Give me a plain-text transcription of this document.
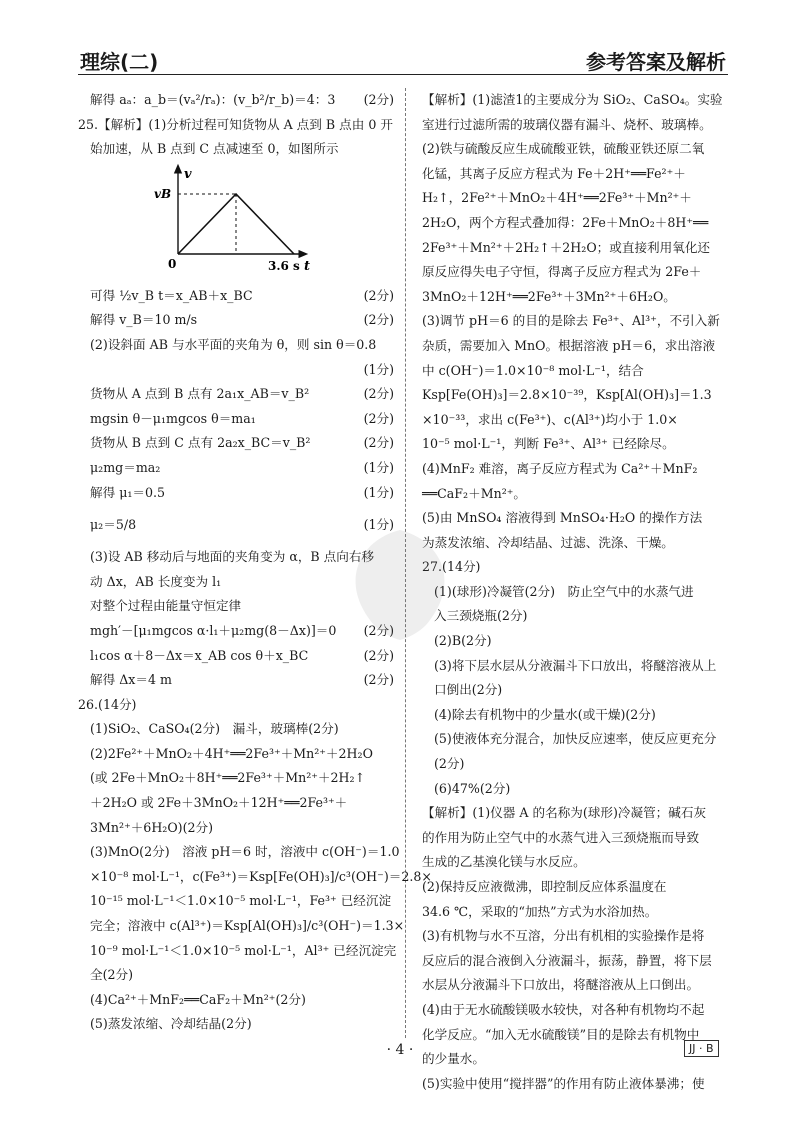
理综(二)	参考答案及解析
解得 aₐ：a_b＝(vₐ²/rₐ)：(v_b²/r_b)＝4：3 (2分)
25.【解析】(1)分析过程可知货物从 A 点到 B 点由 0 开
始加速，从 B 点到 C 点减速至 0，如图所示
v
vB
0	3.6 s t
可得 ½v_B t＝x_AB＋x_BC	(2分)
解得 v_B＝10 m/s	(2分)
(2)设斜面 AB 与水平面的夹角为 θ，则 sin θ＝0.8
(1分)
货物从 A 点到 B 点有 2a₁x_AB＝v_B²	(2分)
mgsin θ－μ₁mgcos θ＝ma₁	(2分)
货物从 B 点到 C 点有 2a₂x_BC＝v_B²	(2分)
μ₂mg＝ma₂	(1分)
解得 μ₁＝0.5	(1分)
μ₂＝5/8	(1分)
(3)设 AB 移动后与地面的夹角变为 α，B 点向右移
动 Δx，AB 长度变为 l₁
对整个过程由能量守恒定律
mgh′－[μ₁mgcos α·l₁＋μ₂mg(8－Δx)]＝0 (2分)
l₁cos α＋8－Δx＝x_AB cos θ＋x_BC	(2分)
解得 Δx＝4 m	(2分)
26.(14分)
(1)SiO₂、CaSO₄(2分)　漏斗，玻璃棒(2分)
(2)2Fe²⁺＋MnO₂＋4H⁺══2Fe³⁺＋Mn²⁺＋2H₂O
(或 2Fe＋MnO₂＋8H⁺══2Fe³⁺＋Mn²⁺＋2H₂↑
＋2H₂O 或 2Fe＋3MnO₂＋12H⁺══2Fe³⁺＋
3Mn²⁺＋6H₂O)(2分)
(3)MnO(2分)　溶液 pH＝6 时，溶液中 c(OH⁻)＝1.0
×10⁻⁸ mol·L⁻¹，c(Fe³⁺)＝Ksp[Fe(OH)₃]/c³(OH⁻)＝2.8×
10⁻¹⁵ mol·L⁻¹＜1.0×10⁻⁵ mol·L⁻¹，Fe³⁺ 已经沉淀
完全；溶液中 c(Al³⁺)＝Ksp[Al(OH)₃]/c³(OH⁻)＝1.3×
10⁻⁹ mol·L⁻¹＜1.0×10⁻⁵ mol·L⁻¹，Al³⁺ 已经沉淀完
全(2分)
(4)Ca²⁺＋MnF₂══CaF₂＋Mn²⁺(2分)
(5)蒸发浓缩、冷却结晶(2分)
【解析】(1)滤渣1的主要成分为 SiO₂、CaSO₄。实验
室进行过滤所需的玻璃仪器有漏斗、烧杯、玻璃棒。
(2)铁与硫酸反应生成硫酸亚铁，硫酸亚铁还原二氧
化锰，其离子反应方程式为 Fe＋2H⁺══Fe²⁺＋
H₂↑，2Fe²⁺＋MnO₂＋4H⁺══2Fe³⁺＋Mn²⁺＋
2H₂O，两个方程式叠加得：2Fe＋MnO₂＋8H⁺══
2Fe³⁺＋Mn²⁺＋2H₂↑＋2H₂O；或直接利用氧化还
原反应得失电子守恒，得离子反应方程式为 2Fe＋
3MnO₂＋12H⁺══2Fe³⁺＋3Mn²⁺＋6H₂O。
(3)调节 pH＝6 的目的是除去 Fe³⁺、Al³⁺，不引入新
杂质，需要加入 MnO。根据溶液 pH＝6，求出溶液
中 c(OH⁻)＝1.0×10⁻⁸ mol·L⁻¹，结合
Ksp[Fe(OH)₃]＝2.8×10⁻³⁹，Ksp[Al(OH)₃]＝1.3
×10⁻³³，求出 c(Fe³⁺)、c(Al³⁺)均小于 1.0×
10⁻⁵ mol·L⁻¹，判断 Fe³⁺、Al³⁺ 已经除尽。
(4)MnF₂ 难溶，离子反应方程式为 Ca²⁺＋MnF₂
══CaF₂＋Mn²⁺。
(5)由 MnSO₄ 溶液得到 MnSO₄·H₂O 的操作方法
为蒸发浓缩、冷却结晶、过滤、洗涤、干燥。
27.(14分)
(1)(球形)冷凝管(2分)　防止空气中的水蒸气进
入三颈烧瓶(2分)
(2)B(2分)
(3)将下层水层从分液漏斗下口放出，将醚溶液从上
口倒出(2分)
(4)除去有机物中的少量水(或干燥)(2分)
(5)使液体充分混合，加快反应速率，使反应更充分
(2分)
(6)47%(2分)
【解析】(1)仪器 A 的名称为(球形)冷凝管；碱石灰
的作用为防止空气中的水蒸气进入三颈烧瓶而导致
生成的乙基溴化镁与水反应。
(2)保持反应液微沸，即控制反应体系温度在
34.6 ℃，采取的“加热”方式为水浴加热。
(3)有机物与水不互溶，分出有机相的实验操作是将
反应后的混合液倒入分液漏斗，振荡，静置，将下层
水层从分液漏斗下口放出，将醚溶液从上口倒出。
(4)由于无水硫酸镁吸水较快，对各种有机物均不起
化学反应。“加入无水硫酸镁”目的是除去有机物中
的少量水。
(5)实验中使用“搅拌器”的作用有防止液体暴沸；使
· 4 ·	JJ · B
